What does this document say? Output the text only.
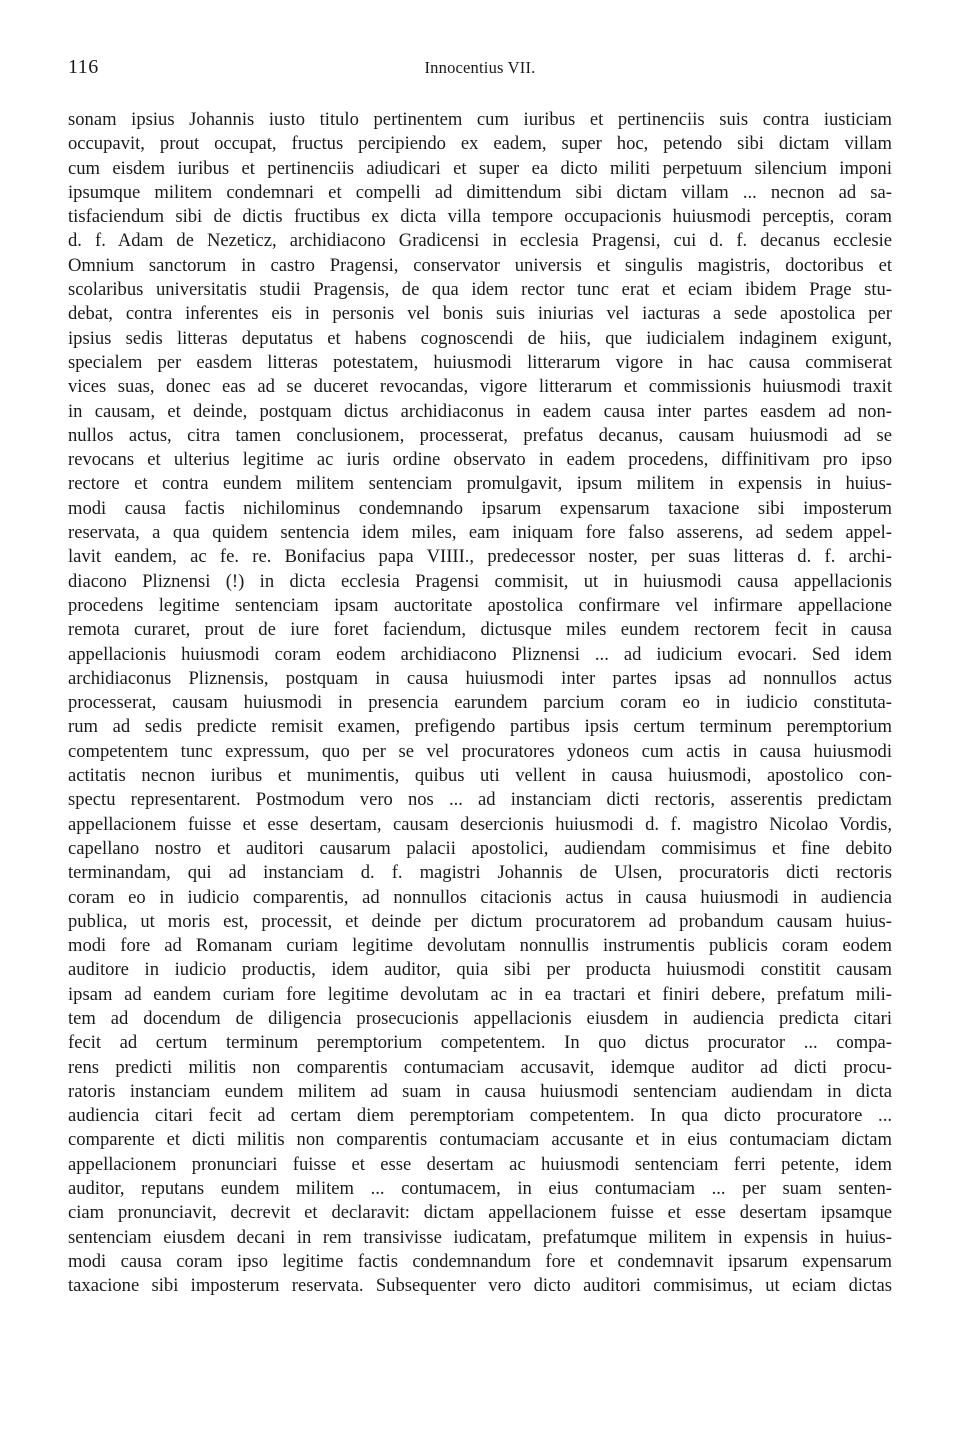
116	Innocentius VII.
sonam ipsius Johannis iusto titulo pertinentem cum iuribus et pertinenciis suis contra iusticiam
occupavit, prout occupat, fructus percipiendo ex eadem, super hoc, petendo sibi dictam villam
cum eisdem iuribus et pertinenciis adiudicari et super ea dicto militi perpetuum silencium imponi
ipsumque militem condemnari et compelli ad dimittendum sibi dictam villam ... necnon ad sa-
tisfaciendum sibi de dictis fructibus ex dicta villa tempore occupacionis huiusmodi perceptis, coram
d. f. Adam de Nezeticz, archidiacono Gradicensi in ecclesia Pragensi, cui d. f. decanus ecclesie
Omnium sanctorum in castro Pragensi, conservator universis et singulis magistris, doctoribus et
scolaribus universitatis studii Pragensis, de qua idem rector tunc erat et eciam ibidem Prage stu-
debat, contra inferentes eis in personis vel bonis suis iniurias vel iacturas a sede apostolica per
ipsius sedis litteras deputatus et habens cognoscendi de hiis, que iudicialem indaginem exigunt,
specialem per easdem litteras potestatem, huiusmodi litterarum vigore in hac causa commiserat
vices suas, donec eas ad se duceret revocandas, vigore litterarum et commissionis huiusmodi traxit
in causam, et deinde, postquam dictus archidiaconus in eadem causa inter partes easdem ad non-
nullos actus, citra tamen conclusionem, processerat, prefatus decanus, causam huiusmodi ad se
revocans et ulterius legitime ac iuris ordine observato in eadem procedens, diffinitivam pro ipso
rectore et contra eundem militem sentenciam promulgavit, ipsum militem in expensis in huius-
modi causa factis nichilominus condemnando ipsarum expensarum taxacione sibi imposterum
reservata, a qua quidem sentencia idem miles, eam iniquam fore falso asserens, ad sedem appel-
lavit eandem, ac fe. re. Bonifacius papa VIIII., predecessor noster, per suas litteras d. f. archi-
diacono Pliznensi (!) in dicta ecclesia Pragensi commisit, ut in huiusmodi causa appellacionis
procedens legitime sentenciam ipsam auctoritate apostolica confirmare vel infirmare appellacione
remota curaret, prout de iure foret faciendum, dictusque miles eundem rectorem fecit in causa
appellacionis huiusmodi coram eodem archidiacono Pliznensi ... ad iudicium evocari. Sed idem
archidiaconus Pliznensis, postquam in causa huiusmodi inter partes ipsas ad nonnullos actus
processerat, causam huiusmodi in presencia earundem parcium coram eo in iudicio constituta-
rum ad sedis predicte remisit examen, prefigendo partibus ipsis certum terminum peremptorium
competentem tunc expressum, quo per se vel procuratores ydoneos cum actis in causa huiusmodi
actitatis necnon iuribus et munimentis, quibus uti vellent in causa huiusmodi, apostolico con-
spectu representarent. Postmodum vero nos ... ad instanciam dicti rectoris, asserentis predictam
appellacionem fuisse et esse desertam, causam desercionis huiusmodi d. f. magistro Nicolao Vordis,
capellano nostro et auditori causarum palacii apostolici, audiendam commisimus et fine debito
terminandam, qui ad instanciam d. f. magistri Johannis de Ulsen, procuratoris dicti rectoris
coram eo in iudicio comparentis, ad nonnullos citacionis actus in causa huiusmodi in audiencia
publica, ut moris est, processit, et deinde per dictum procuratorem ad probandum causam huius-
modi fore ad Romanam curiam legitime devolutam nonnullis instrumentis publicis coram eodem
auditore in iudicio productis, idem auditor, quia sibi per producta huiusmodi constitit causam
ipsam ad eandem curiam fore legitime devolutam ac in ea tractari et finiri debere, prefatum mili-
tem ad docendum de diligencia prosecucionis appellacionis eiusdem in audiencia predicta citari
fecit ad certum terminum peremptorium competentem. In quo dictus procurator ... compa-
rens predicti militis non comparentis contumaciam accusavit, idemque auditor ad dicti procu-
ratoris instanciam eundem militem ad suam in causa huiusmodi sentenciam audiendam in dicta
audiencia citari fecit ad certam diem peremptoriam competentem. In qua dicto procuratore ...
comparente et dicti militis non comparentis contumaciam accusante et in eius contumaciam dictam
appellacionem pronunciari fuisse et esse desertam ac huiusmodi sentenciam ferri petente, idem
auditor, reputans eundem militem ... contumacem, in eius contumaciam ... per suam senten-
ciam pronunciavit, decrevit et declaravit: dictam appellacionem fuisse et esse desertam ipsamque
sentenciam eiusdem decani in rem transivisse iudicatam, prefatumque militem in expensis in huius-
modi causa coram ipso legitime factis condemnandum fore et condemnavit ipsarum expensarum
taxacione sibi imposterum reservata. Subsequenter vero dicto auditori commisimus, ut eciam dictas
